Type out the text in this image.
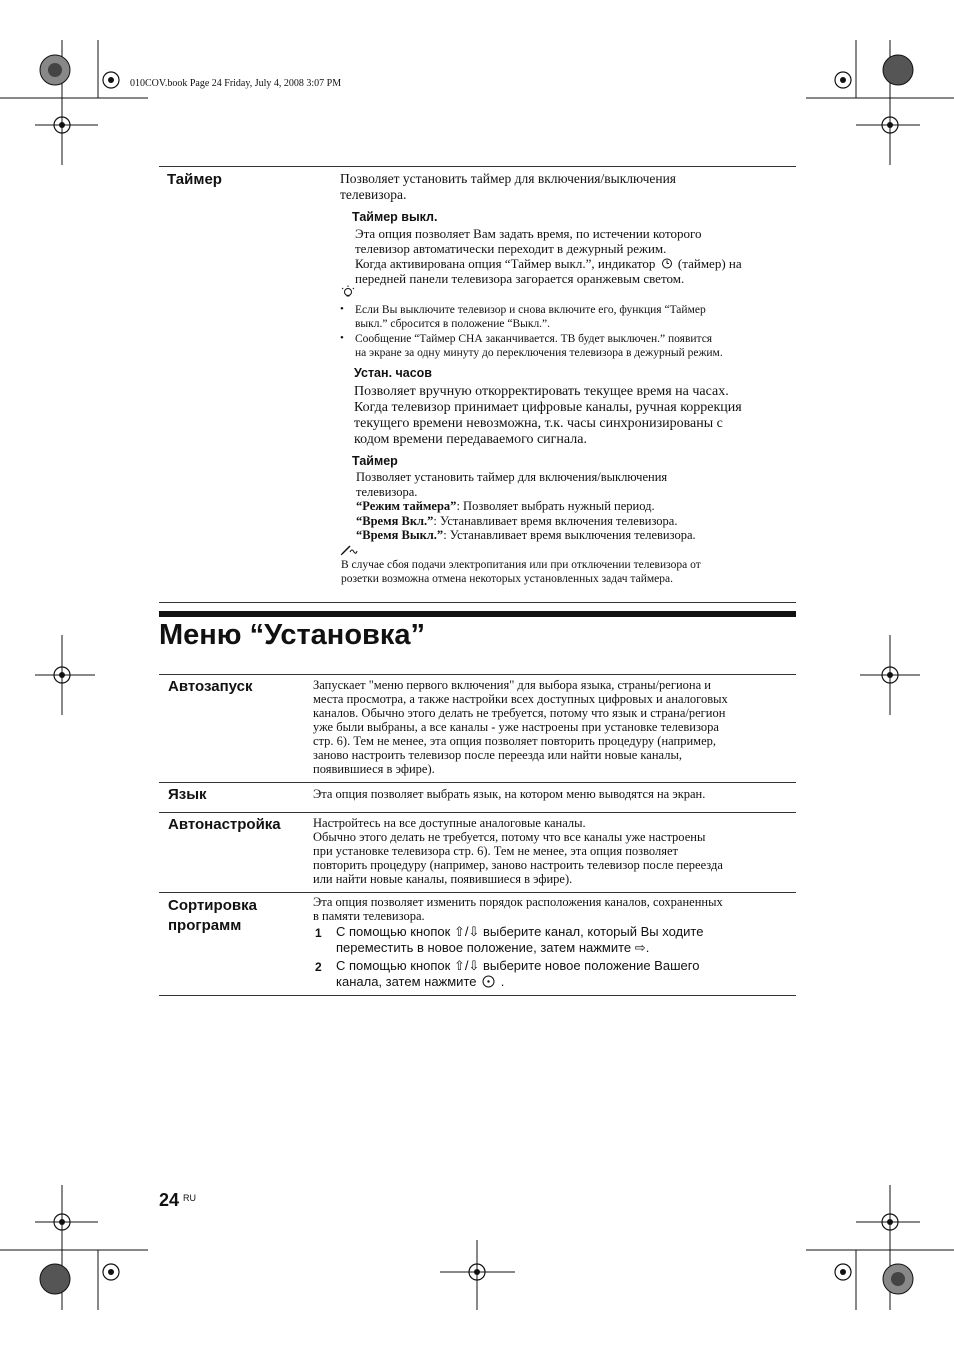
010COV.book Page 24 Friday, July 4, 2008 3:07 PM
Таймер	Позволяет установить таймер для включения/выключения
телевизора.
Таймер выкл.
Эта опция позволяет Вам задать время, по истечении которого
телевизор автоматически переходит в дежурный режим.
Когда активирована опция “Таймер выкл.”, индикатор (таймер) на
передней панели телевизора загорается оранжевым светом.
• Если Вы выключите телевизор и снова включите его, функция “Таймер
выкл.” сбросится в положение “Выкл.”.
• Сообщение “Таймер СНА заканчивается. ТВ будет выключен.” появится
на экране за одну минуту до переключения телевизора в дежурный режим.
Устан. часов
Позволяет вручную откорректировать текущее время на часах.
Когда телевизор принимает цифровые каналы, ручная коррекция
текущего времени невозможна, т.к. часы синхронизированы с
кодом времени передаваемого сигнала.
Таймер
Позволяет установить таймер для включения/выключения
телевизора.
“Режим таймера”: Позволяет выбрать нужный период.
“Время Вкл.”: Устанавливает время включения телевизора.
“Время Выкл.”: Устанавливает время выключения телевизора.
В случае сбоя подачи электропитания или при отключении телевизора от
розетки возможна отмена некоторых установленных задач таймера.
Меню “Установка”
Автозапуск	Запускает "меню первого включения" для выбора языка, страны/региона и
места просмотра, а также настройки всех доступных цифровых и аналоговых
каналов. Обычно этого делать не требуется, потому что язык и страна/регион
уже были выбраны, а все каналы - уже настроены при установке телевизора
стр. 6). Тем не менее, эта опция позволяет повторить процедуру (например,
заново настроить телевизор после переезда или найти новые каналы,
появившиеся в эфире).
Язык	Эта опция позволяет выбрать язык, на котором меню выводятся на экран.
Автонастройка	Настройтесь на все доступные аналоговые каналы.
Обычно этого делать не требуется, потому что все каналы уже настроены
при установке телевизора стр. 6). Тем не менее, эта опция позволяет
повторить процедуру (например, заново настроить телевизор после переезда
или найти новые каналы, появившиеся в эфире).
Сортировка
программ
Эта опция позволяет изменить порядок расположения каналов, сохраненных
в памяти телевизора.
1 С помощью кнопок ⇧/⇩ выберите канал, который Вы ходите
переместить в новое положение, затем нажмите ⇨.
2 С помощью кнопок ⇧/⇩ выберите новое положение Вашего
канала, затем нажмите .
24 RU
